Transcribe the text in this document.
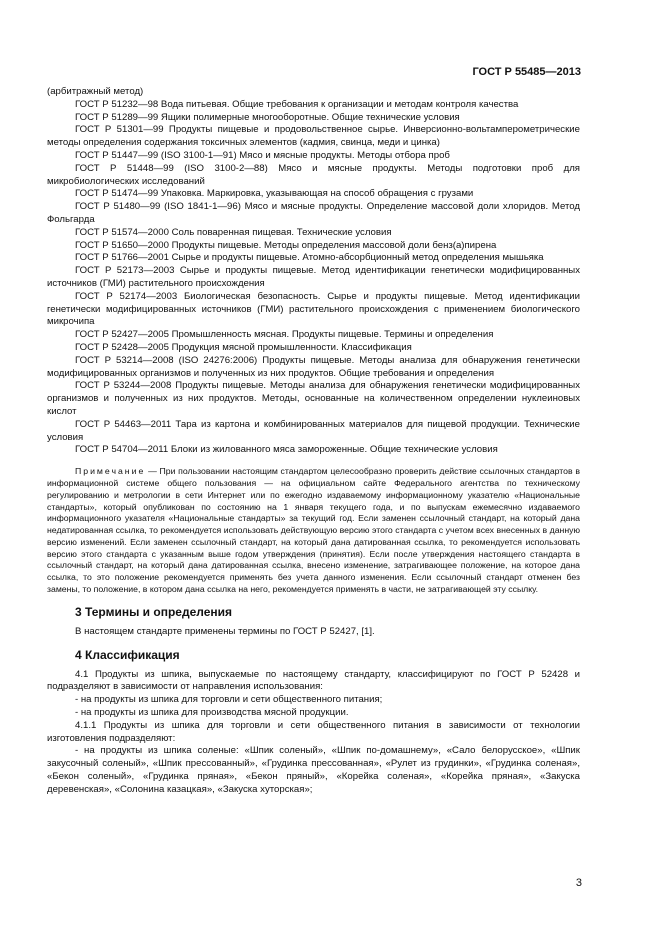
ГОСТ Р 55485—2013

(арбитражный метод)

ГОСТ Р 51232—98 Вода питьевая. Общие требования к организации и методам контроля качества

ГОСТ Р 51289—99 Ящики полимерные многооборотные. Общие технические условия

ГОСТ Р 51301—99 Продукты пищевые и продовольственное сырье. Инверсионно-вольтамперометрические методы определения содержания токсичных элементов (кадмия, свинца, меди и цинка)

ГОСТ Р 51447—99 (ISO 3100-1—91) Мясо и мясные продукты. Методы отбора проб

ГОСТ Р 51448—99 (ISO 3100-2—88) Мясо и мясные продукты. Методы подготовки проб для микробиологических исследований

ГОСТ Р 51474—99 Упаковка. Маркировка, указывающая на способ обращения с грузами

ГОСТ Р 51480—99 (ISO 1841-1—96) Мясо и мясные продукты. Определение массовой доли хлоридов. Метод Фольгарда

ГОСТ Р 51574—2000 Соль поваренная пищевая. Технические условия

ГОСТ Р 51650—2000 Продукты пищевые. Методы определения массовой доли бенз(а)пирена

ГОСТ Р 51766—2001 Сырье и продукты пищевые. Атомно-абсорбционный метод определения мышьяка

ГОСТ Р 52173—2003 Сырье и продукты пищевые. Метод идентификации генетически модифицированных источников (ГМИ) растительного происхождения

ГОСТ Р 52174—2003 Биологическая безопасность. Сырье и продукты пищевые. Метод идентификации генетически модифицированных источников (ГМИ) растительного происхождения с применением биологического микрочипа

ГОСТ Р 52427—2005 Промышленность мясная. Продукты пищевые. Термины и определения

ГОСТ Р 52428—2005 Продукция мясной промышленности. Классификация

ГОСТ Р 53214—2008 (ISO 24276:2006) Продукты пищевые. Методы анализа для обнаружения генетически модифицированных организмов и полученных из них продуктов. Общие требования и определения

ГОСТ Р 53244—2008 Продукты пищевые. Методы анализа для обнаружения генетически модифицированных организмов и полученных из них продуктов. Методы, основанные на количественном определении нуклеиновых кислот

ГОСТ Р 54463—2011 Тара из картона и комбинированных материалов для пищевой продукции. Технические условия

ГОСТ Р 54704—2011 Блоки из жилованного мяса замороженные. Общие технические условия

Примечание — При пользовании настоящим стандартом целесообразно проверить действие ссылочных стандартов в информационной системе общего пользования — на официальном сайте Федерального агентства по техническому регулированию и метрологии в сети Интернет или по ежегодно издаваемому информационному указателю «Национальные стандарты», который опубликован по состоянию на 1 января текущего года, и по выпускам ежемесячно издаваемого информационного указателя «Национальные стандарты» за текущий год. Если заменен ссылочный стандарт, на который дана недатированная ссылка, то рекомендуется использовать действующую версию этого стандарта с учетом всех внесенных в данную версию изменений. Если заменен ссылочный стандарт, на который дана датированная ссылка, то рекомендуется использовать версию этого стандарта с указанным выше годом утверждения (принятия). Если после утверждения настоящего стандарта в ссылочный стандарт, на который дана датированная ссылка, внесено изменение, затрагивающее положение, на которое дана ссылка, то это положение рекомендуется применять без учета данного изменения. Если ссылочный стандарт отменен без замены, то положение, в котором дана ссылка на него, рекомендуется применять в части, не затрагивающей эту ссылку.

3 Термины и определения

В настоящем стандарте применены термины по ГОСТ Р 52427, [1].

4 Классификация

4.1 Продукты из шпика, выпускаемые по настоящему стандарту, классифицируют по ГОСТ Р 52428 и подразделяют в зависимости от направления использования:

- на продукты из шпика для торговли и сети общественного питания;

- на продукты из шпика для производства мясной продукции.

4.1.1 Продукты из шпика для торговли и сети общественного питания в зависимости от технологии изготовления подразделяют:

- на продукты из шпика соленые: «Шпик соленый», «Шпик по-домашнему», «Сало белорусское», «Шпик закусочный соленый», «Шпик прессованный», «Грудинка прессованная», «Рулет из грудинки», «Грудинка соленая», «Бекон соленый», «Грудинка пряная», «Бекон пряный», «Корейка соленая», «Корейка пряная», «Закуска деревенская», «Солонина казацкая», «Закуска хуторская»;

3
